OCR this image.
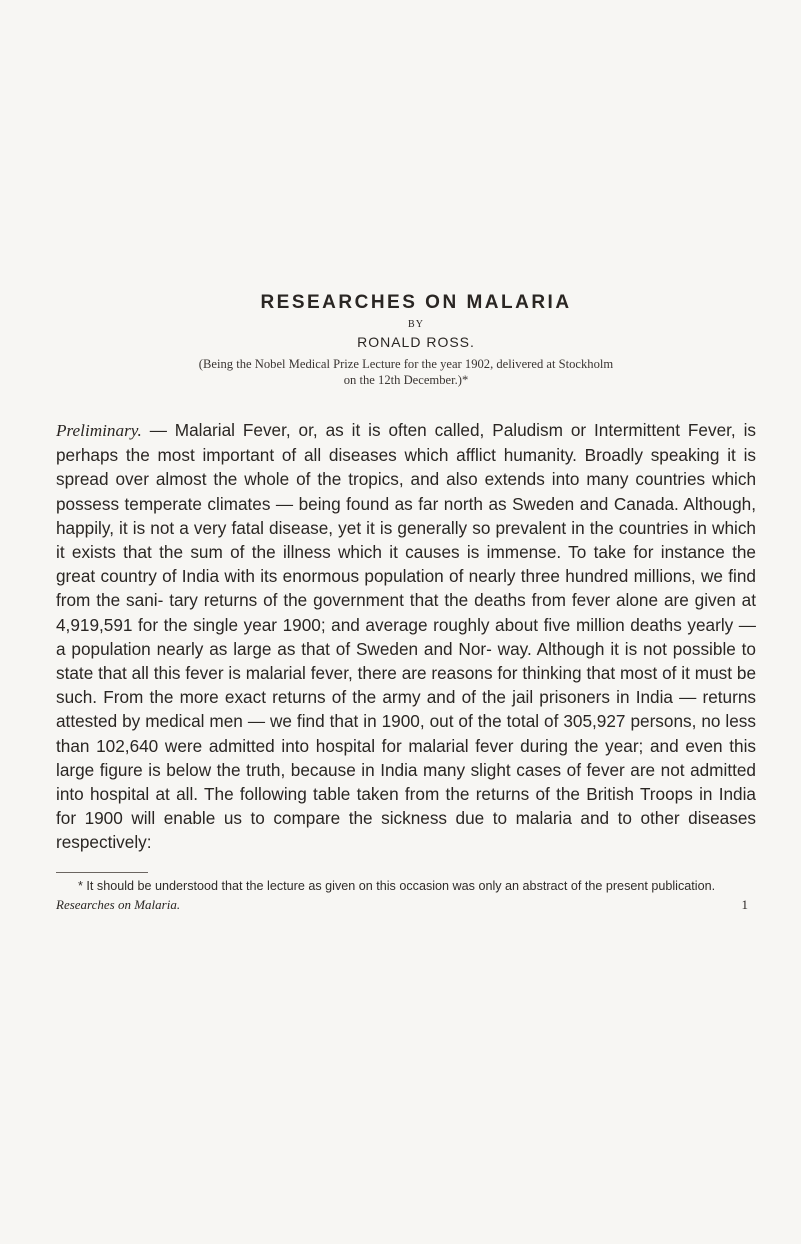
RESEARCHES ON MALARIA
BY
RONALD ROSS.
(Being the Nobel Medical Prize Lecture for the year 1902, delivered at Stockholm
on the 12th December.)*

Preliminary. — Malarial Fever, or, as it is often called, Paludism or Intermittent Fever, is perhaps the most important of all diseases which afflict humanity. Broadly speaking it is spread over almost the whole of the tropics, and also extends into many countries which possess temperate climates — being found as far north as Sweden and Canada. Although, happily, it is not a very fatal disease, yet it is generally so prevalent in the countries in which it exists that the sum of the illness which it causes is immense. To take for instance the great country of India with its enormous population of nearly three hundred millions, we find from the sani- tary returns of the government that the deaths from fever alone are given at 4,919,591 for the single year 1900; and average roughly about five million deaths yearly — a population nearly as large as that of Sweden and Nor- way. Although it is not possible to state that all this fever is malarial fever, there are reasons for thinking that most of it must be such. From the more exact returns of the army and of the jail prisoners in India — returns attested by medical men — we find that in 1900, out of the total of 305,927 persons, no less than 102,640 were admitted into hospital for malarial fever during the year; and even this large figure is below the truth, because in India many slight cases of fever are not admitted into hospital at all. The following table taken from the returns of the British Troops in India for 1900 will enable us to compare the sickness due to malaria and to other diseases respectively:

* It should be understood that the lecture as given on this occasion was only an abstract of the present publication.
Researches on Malaria.	1
